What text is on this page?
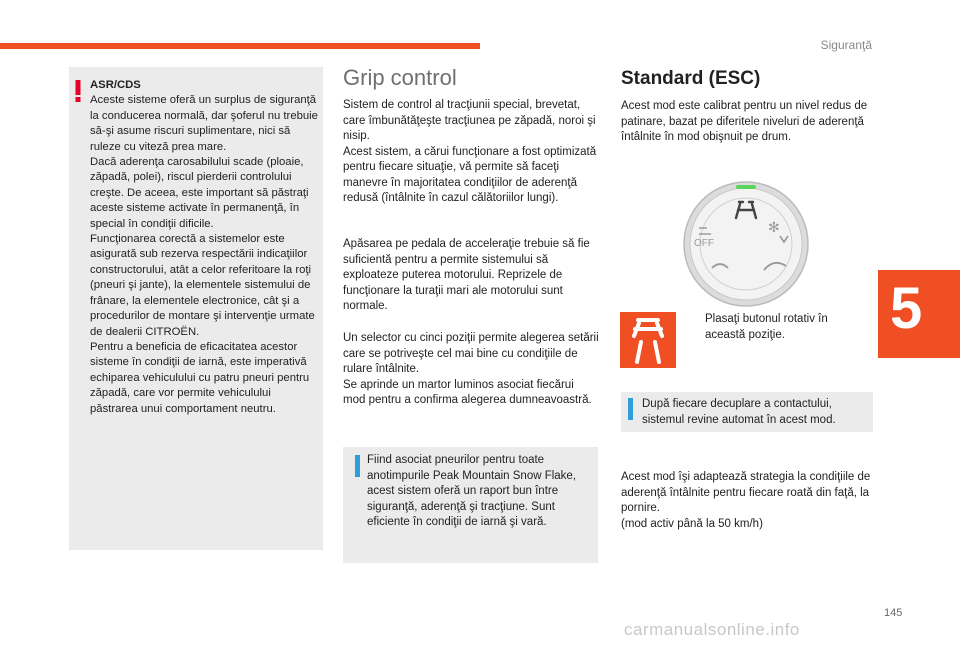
Siguranţă
5

ASR/CDS

Aceste sisteme oferă un surplus de siguranţă la conducerea normală, dar şoferul nu trebuie să-şi asume riscuri suplimentare, nici să ruleze cu viteză prea mare.

Dacă aderenţa carosabilului scade (ploaie, zăpadă, polei), riscul pierderii controlului creşte. De aceea, este important să păstraţi aceste sisteme activate în permanenţă, în special în condiţii dificile.

Funcţionarea corectă a sistemelor este asigurată sub rezerva respectării indicaţiilor constructorului, atât a celor referitoare la roţi (pneuri şi jante), la elementele sistemului de frânare, la elementele electronice, cât şi a procedurilor de montare şi intervenţie urmate de dealerii CITROËN.

Pentru a beneficia de eficacitatea acestor sisteme în condiţii de iarnă, este imperativă echiparea vehiculului cu patru pneuri pentru zăpadă, care vor permite vehiculului păstrarea unui comportament neutru.

Grip control

Sistem de control al tracţiunii special, brevetat, care îmbunătăţeşte tracţiunea pe zăpadă, noroi şi nisip.

Acest sistem, a cărui funcţionare a fost optimizată pentru fiecare situaţie, vă permite să faceţi manevre în majoritatea condiţiilor de aderenţă redusă (întâlnite în cazul călătoriilor lungi).

Apăsarea pe pedala de acceleraţie trebuie să fie suficientă pentru a permite sistemului să exploateze puterea motorului. Reprizele de funcţionare la turaţii mari ale motorului sunt normale.

Un selector cu cinci poziţii permite alegerea setării care se potriveşte cel mai bine cu condiţiile de rulare întâlnite.

Se aprinde un martor luminos asociat fiecărui mod pentru a confirma alegerea dumneavoastră.

Fiind asociat pneurilor pentru toate anotimpurile Peak Mountain Snow Flake, acest sistem oferă un raport bun între siguranţă, aderenţă şi tracţiune. Sunt eficiente în condiţii de iarnă şi vară.
Standard (ESC)
Acest mod este calibrat pentru un nivel redus de patinare, bazat pe diferitele niveluri de aderenţă întâlnite în mod obişnuit pe drum.
OFF
✻
Plasaţi butonul rotativ în această poziţie.
După fiecare decuplare a contactului, sistemul revine automat în acest mod.

Acest mod îşi adaptează strategia la condiţiile de aderenţă întâlnite pentru fiecare roată din faţă, la pornire.

(mod activ până la 50 km/h)

145
carmanualsonline.info
